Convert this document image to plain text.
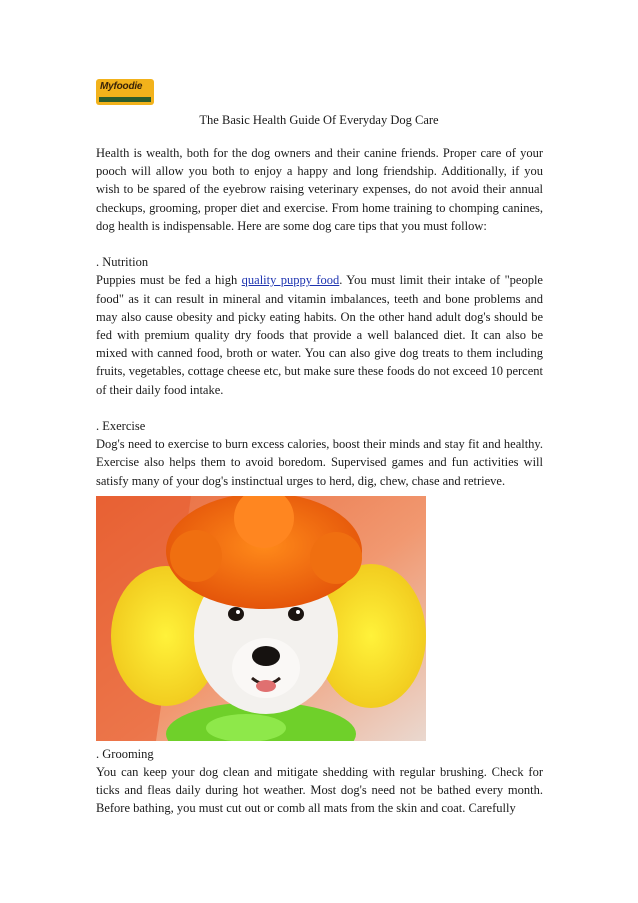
Myfoodie
The Basic Health Guide Of Everyday Dog Care

Health is wealth, both for the dog owners and their canine friends. Proper care of your pooch will allow you both to enjoy a happy and long friendship. Additionally, if you wish to be spared of the eyebrow raising veterinary expenses, do not avoid their annual checkups, grooming, proper diet and exercise. From home training to chomping canines, dog health is indispensable. Here are some dog care tips that you must follow:

. Nutrition

Puppies must be fed a high quality puppy food. You must limit their intake of "people food" as it can result in mineral and vitamin imbalances, teeth and bone problems and may also cause obesity and picky eating habits. On the other hand adult dog's should be fed with premium quality dry foods that provide a well balanced diet. It can also be mixed with canned food, broth or water. You can also give dog treats to them including fruits, vegetables, cottage cheese etc, but make sure these foods do not exceed 10 percent of their daily food intake.

. Exercise

Dog's need to exercise to burn excess calories, boost their minds and stay fit and healthy. Exercise also helps them to avoid boredom. Supervised games and fun activities will satisfy many of your dog's instinctual urges to herd, dig, chew, chase and retrieve.

. Grooming

You can keep your dog clean and mitigate shedding with regular brushing. Check for ticks and fleas daily during hot weather. Most dog's need not be bathed every month. Before bathing, you must cut out or comb all mats from the skin and coat. Carefully
